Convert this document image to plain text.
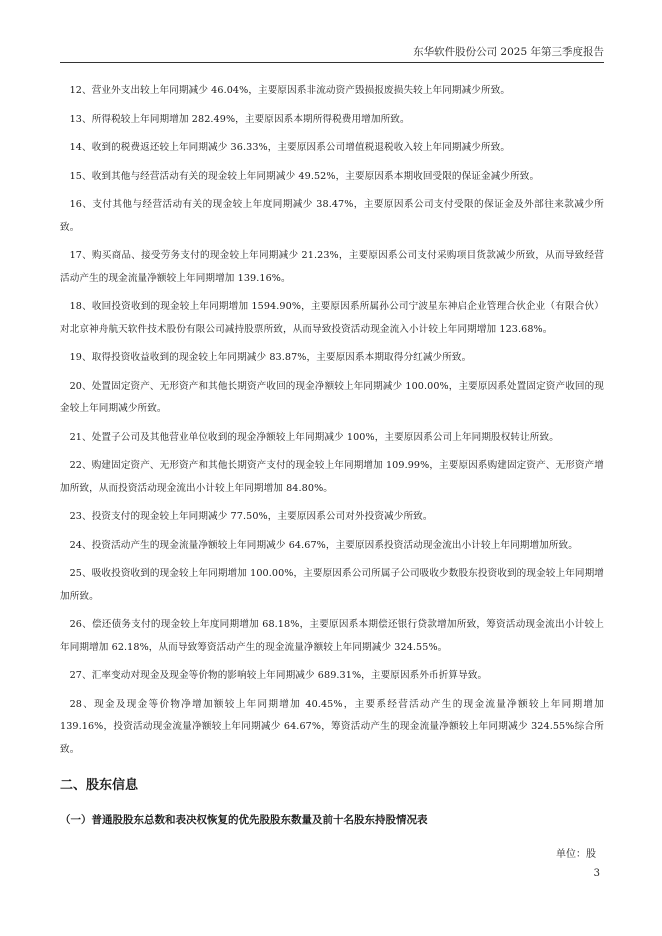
东华软件股份公司 2025 年第三季度报告

12、营业外支出较上年同期减少 46.04%，主要原因系非流动资产毁损报废损失较上年同期减少所致。

13、所得税较上年同期增加 282.49%，主要原因系本期所得税费用增加所致。

14、收到的税费返还较上年同期减少 36.33%，主要原因系公司增值税退税收入较上年同期减少所致。

15、收到其他与经营活动有关的现金较上年同期减少 49.52%，主要原因系本期收回受限的保证金减少所致。

16、支付其他与经营活动有关的现金较上年度同期减少 38.47%，主要原因系公司支付受限的保证金及外部往来款减少所致。

17、购买商品、接受劳务支付的现金较上年同期减少 21.23%，主要原因系公司支付采购项目货款减少所致，从而导致经营活动产生的现金流量净额较上年同期增加 139.16%。

18、收回投资收到的现金较上年同期增加 1594.90%，主要原因系所属孙公司宁波星东神启企业管理合伙企业（有限合伙）对北京神舟航天软件技术股份有限公司减持股票所致，从而导致投资活动现金流入小计较上年同期增加 123.68%。

19、取得投资收益收到的现金较上年同期减少 83.87%，主要原因系本期取得分红减少所致。

20、处置固定资产、无形资产和其他长期资产收回的现金净额较上年同期减少 100.00%，主要原因系处置固定资产收回的现金较上年同期减少所致。

21、处置子公司及其他营业单位收到的现金净额较上年同期减少 100%，主要原因系公司上年同期股权转让所致。

22、购建固定资产、无形资产和其他长期资产支付的现金较上年同期增加 109.99%，主要原因系购建固定资产、无形资产增加所致，从而投资活动现金流出小计较上年同期增加 84.80%。

23、投资支付的现金较上年同期减少 77.50%，主要原因系公司对外投资减少所致。

24、投资活动产生的现金流量净额较上年同期减少 64.67%，主要原因系投资活动现金流出小计较上年同期增加所致。

25、吸收投资收到的现金较上年同期增加 100.00%，主要原因系公司所属子公司吸收少数股东投资收到的现金较上年同期增加所致。

26、偿还债务支付的现金较上年度同期增加 68.18%，主要原因系本期偿还银行贷款增加所致，筹资活动现金流出小计较上年同期增加 62.18%，从而导致筹资活动产生的现金流量净额较上年同期减少 324.55%。

27、汇率变动对现金及现金等价物的影响较上年同期减少 689.31%，主要原因系外币折算导致。

28、现金及现金等价物净增加额较上年同期增加 40.45%，主要系经营活动产生的现金流量净额较上年同期增加 139.16%，投资活动现金流量净额较上年同期减少 64.67%，筹资活动产生的现金流量净额较上年同期减少 324.55%综合所致。

二、股东信息
（一）普通股股东总数和表决权恢复的优先股股东数量及前十名股东持股情况表
单位：股
3
